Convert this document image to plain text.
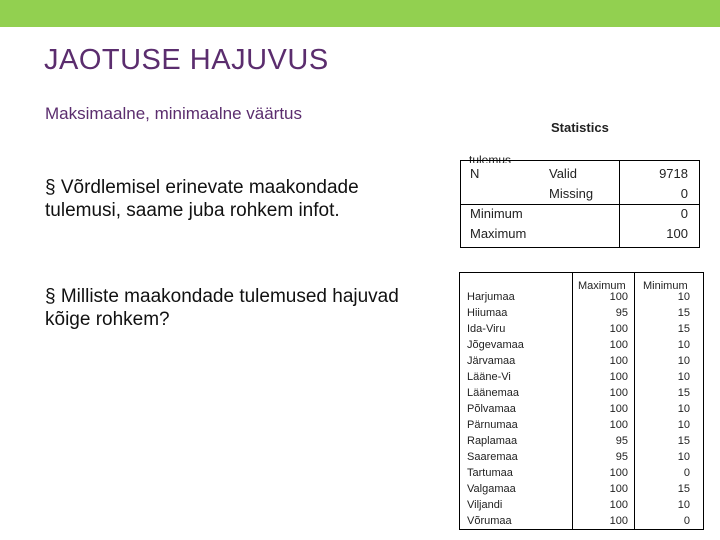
JAOTUSE HAJUVUS
Maksimaalne, minimaalne väärtus
§ Võrdlemisel erinevate maakondade tulemusi, saame juba rohkem infot.
§ Milliste maakondade tulemused hajuvad kõige rohkem?
Statistics
tulemus
N	Valid	9718
Missing	0
Minimum	0
Maximum	100
Maximum Minimum
Harjumaa	100	10
Hiiumaa	95	15
Ida-Viru	100	15
Jõgevamaa	100	10
Järvamaa	100	10
Lääne-Vi	100	10
Läänemaa	100	15
Põlvamaa	100	10
Pärnumaa	100	10
Raplamaa	95	15
Saaremaa	95	10
Tartumaa	100	0
Valgamaa	100	15
Viljandi	100	10
Võrumaa	100	0
